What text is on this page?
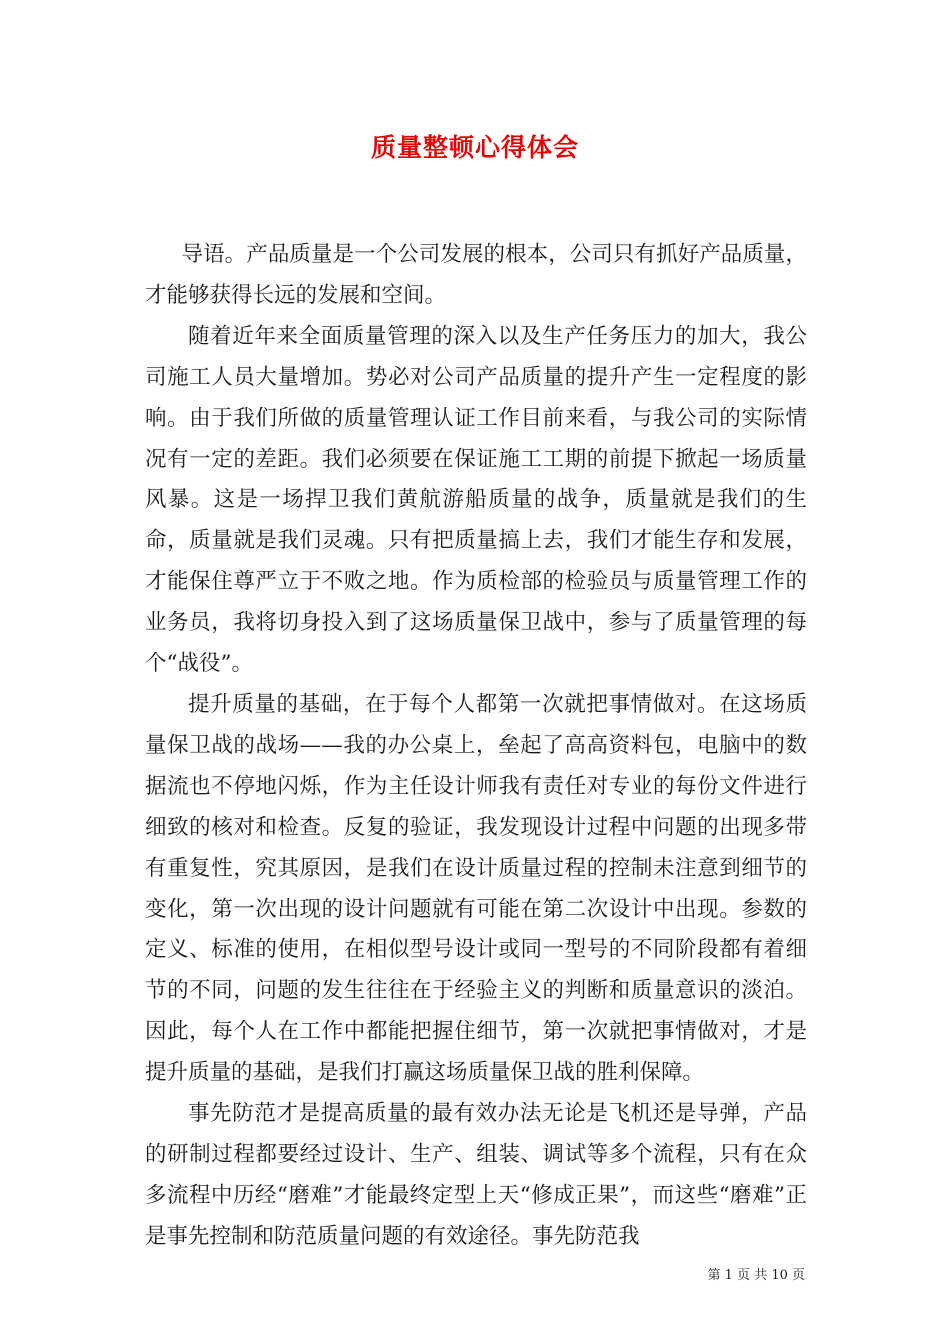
质量整顿心得体会

导语。产品质量是一个公司发展的根本，公司只有抓好产品质量，才能够获得长远的发展和空间。

随着近年来全面质量管理的深入以及生产任务压力的加大，我公司施工人员大量增加。势必对公司产品质量的提升产生一定程度的影响。由于我们所做的质量管理认证工作目前来看，与我公司的实际情况有一定的差距。我们必须要在保证施工工期的前提下掀起一场质量风暴。这是一场捍卫我们黄航游船质量的战争，质量就是我们的生命，质量就是我们灵魂。只有把质量搞上去，我们才能生存和发展，才能保住尊严立于不败之地。作为质检部的检验员与质量管理工作的业务员，我将切身投入到了这场质量保卫战中，参与了质量管理的每个“战役”。

提升质量的基础，在于每个人都第一次就把事情做对。在这场质量保卫战的战场——我的办公桌上，垒起了高高资料包，电脑中的数据流也不停地闪烁，作为主任设计师我有责任对专业的每份文件进行细致的核对和检查。反复的验证，我发现设计过程中问题的出现多带有重复性，究其原因，是我们在设计质量过程的控制未注意到细节的变化，第一次出现的设计问题就有可能在第二次设计中出现。参数的定义、标准的使用，在相似型号设计或同一型号的不同阶段都有着细节的不同，问题的发生往往在于经验主义的判断和质量意识的淡泊。因此，每个人在工作中都能把握住细节，第一次就把事情做对，才是提升质量的基础，是我们打赢这场质量保卫战的胜利保障。

事先防范才是提高质量的最有效办法无论是飞机还是导弹，产品的研制过程都要经过设计、生产、组装、调试等多个流程，只有在众多流程中历经“磨难”才能最终定型上天“修成正果”，而这些“磨难”正是事先控制和防范质量问题的有效途径。事先防范我

第 1 页 共 10 页
